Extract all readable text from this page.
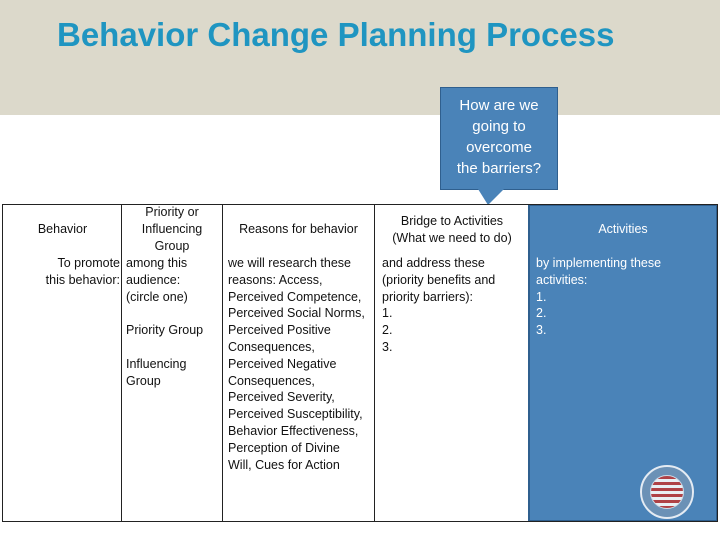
Behavior Change Planning Process
How are we
going to
overcome
the barriers?
Behavior
To promote
this behavior:
Priority or
Influencing
Group
among this
audience:
(circle one)

Priority Group

Influencing
Group
Reasons for behavior
we will research these
reasons: Access,
Perceived Competence,
Perceived Social Norms,
Perceived Positive
Consequences,
Perceived Negative
Consequences,
Perceived Severity,
Perceived Susceptibility,
Behavior Effectiveness,
Perception of Divine
Will, Cues for Action
Bridge to Activities
(What we need to do)
and address these
(priority benefits and
priority barriers):
1.
2.
3.
Activities
by implementing these
activities:
1.
2.
3.
